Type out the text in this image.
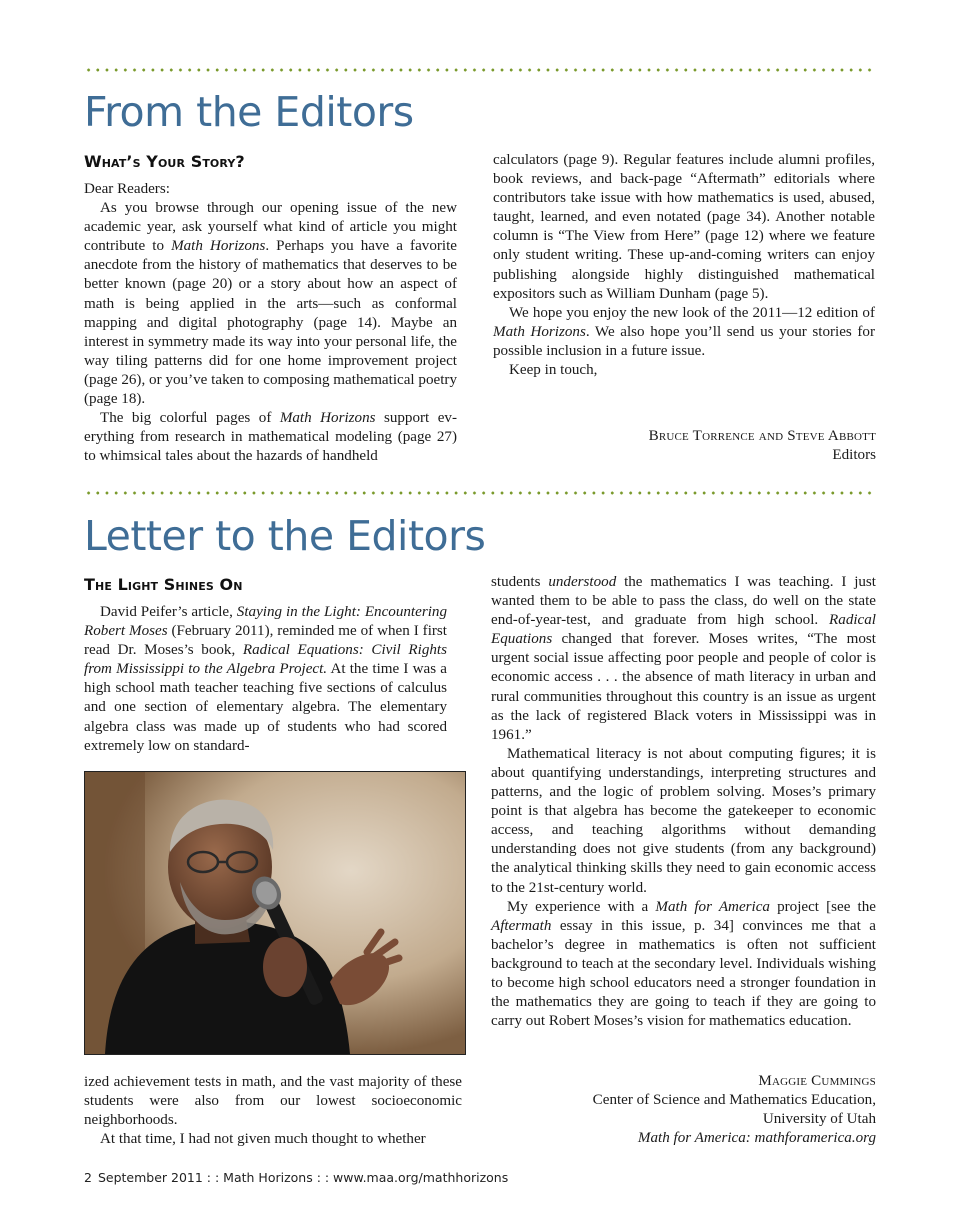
From the Editors
What’s Your Story?

Dear Readers:

As you browse through our opening issue of the new academic year, ask yourself what kind of article you might contribute to Math Horizons. Perhaps you have a favorite anecdote from the history of mathematics that deserves to be better known (page 20) or a story about how an aspect of math is being applied in the arts—such as conformal mapping and digital photography (page 14). Maybe an interest in symmetry made its way into your personal life, the way tiling patterns did for one home improvement project (page 26), or you’ve taken to composing mathematical poetry (page 18).

The big colorful pages of Math Horizons support everything from research in mathematical modeling (page 27) to whimsical tales about the hazards of handheld

calculators (page 9). Regular features include alumni profiles, book reviews, and back-page “Aftermath” editorials where contributors take issue with how mathematics is used, abused, taught, learned, and even notated (page 34). Another notable column is “The View from Here” (page 12) where we feature only student writing. These up-and-coming writers can enjoy publishing alongside highly distinguished mathematical expositors such as William Dunham (page 5).

We hope you enjoy the new look of the 2011—12 edition of Math Horizons. We also hope you’ll send us your stories for possible inclusion in a future issue.

Keep in touch,

Bruce Torrence and Steve Abbott
Editors
Letter to the Editors
The Light Shines On

David Peifer’s article, Staying in the Light: Encountering Robert Moses (February 2011), reminded me of when I first read Dr. Moses’s book, Radical Equations: Civil Rights from Mississippi to the Algebra Project. At the time I was a high school math teacher teaching five sections of calculus and one section of elementary algebra. The elementary algebra class was made up of students who had scored extremely low on standard-

ized achievement tests in math, and the vast majority of these students were also from our lowest socioeconomic neighborhoods.

At that time, I had not given much thought to whether

students understood the mathematics I was teaching. I just wanted them to be able to pass the class, do well on the state end-of-year-test, and graduate from high school. Radical Equations changed that forever. Moses writes, “The most urgent social issue affecting poor people and people of color is economic access . . . the absence of math literacy in urban and rural communities throughout this country is an issue as urgent as the lack of registered Black voters in Mississippi was in 1961.”

Mathematical literacy is not about computing figures; it is about quantifying understandings, interpreting structures and patterns, and the logic of problem solving. Moses’s primary point is that algebra has become the gatekeeper to economic access, and teaching algorithms without demanding understanding does not give students (from any background) the analytical thinking skills they need to gain economic access to the 21st-century world.

My experience with a Math for America project [see the Aftermath essay in this issue, p. 34] convinces me that a bachelor’s degree in mathematics is often not sufficient background to teach at the secondary level. Individuals wishing to become high school educators need a stronger foundation in the mathematics they are going to teach if they are going to carry out Robert Moses’s vision for mathematics education.

Maggie Cummings
Center of Science and Mathematics Education,
University of Utah
Math for America: mathforamerica.org
2 September 2011 : : Math Horizons : : www.maa.org/mathhorizons
